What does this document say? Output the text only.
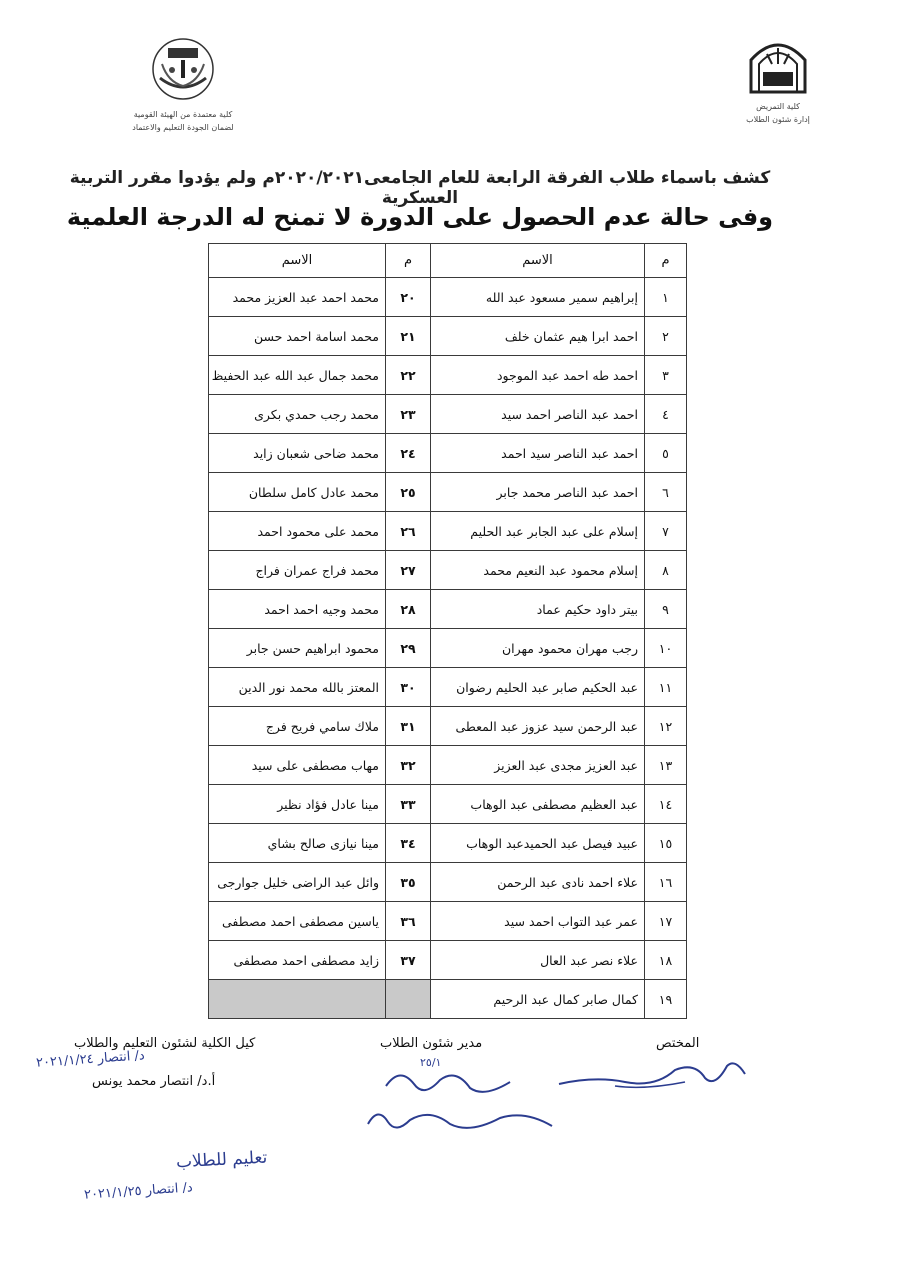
كلية معتمدة من الهيئة القومية
لضمان الجودة التعليم والاعتماد
كلية التمريض
إدارة شئون الطلاب
كشف باسماء طلاب الفرقة الرابعة للعام الجامعى٢٠٢٠/٢٠٢١م ولم يؤدوا مقرر التربية العسكرية
وفى حالة عدم الحصول على الدورة لا تمنح له الدرجة العلمية
م	الاسم	م	الاسم
١	إبراهيم سمير مسعود عبد الله	٢٠	محمد احمد عبد العزيز محمد
٢	احمد ابرا هيم عثمان خلف	٢١	محمد اسامة احمد حسن
٣	احمد طه احمد عبد الموجود	٢٢	محمد جمال عبد الله عبد الحفيظ
٤	احمد عبد الناصر احمد سيد	٢٣	محمد رجب حمدي بكرى
٥	احمد عبد الناصر سيد احمد	٢٤	محمد ضاحى شعبان زايد
٦	احمد عبد الناصر محمد جابر	٢٥	محمد عادل كامل سلطان
٧	إسلام على عبد الجابر عبد الحليم	٢٦	محمد على محمود احمد
٨	إسلام محمود عبد النعيم محمد	٢٧	محمد فراج عمران فراج
٩	بيتر داود حكيم عماد	٢٨	محمد وجيه احمد احمد
١٠	رجب مهران محمود مهران	٢٩	محمود ابراهيم حسن جابر
١١	عبد الحكيم صابر عبد الحليم رضوان	٣٠	المعتز بالله محمد نور الدين
١٢	عبد الرحمن سيد عزوز عبد المعطى	٣١	ملاك سامي فريح فرج
١٣	عبد العزيز مجدى عبد العزيز	٣٢	مهاب مصطفى على سيد
١٤	عبد العظيم مصطفى عبد الوهاب	٣٣	مينا عادل فؤاد نظير
١٥	عبيد فيصل عبد الحميدعبد الوهاب	٣٤	مينا نيازى صالح بشاي
١٦	علاء احمد نادى عبد الرحمن	٣٥	وائل عبد الراضى خليل جوارجى
١٧	عمر عبد التواب احمد سيد	٣٦	ياسين مصطفى احمد مصطفى
١٨	علاء نصر عبد العال	٣٧	زايد مصطفى احمد مصطفى
١٩	كمال صابر كمال عبد الرحيم		
المختص
مدير شئون الطلاب
كيل الكلية لشئون التعليم والطلاب
أ.د/ انتصار محمد يونس
د/ انتصار ٢٠٢١/١/٢٤	٢٥/١
تعليم للطلاب
د/ انتصار ٢٠٢١/١/٢٥
